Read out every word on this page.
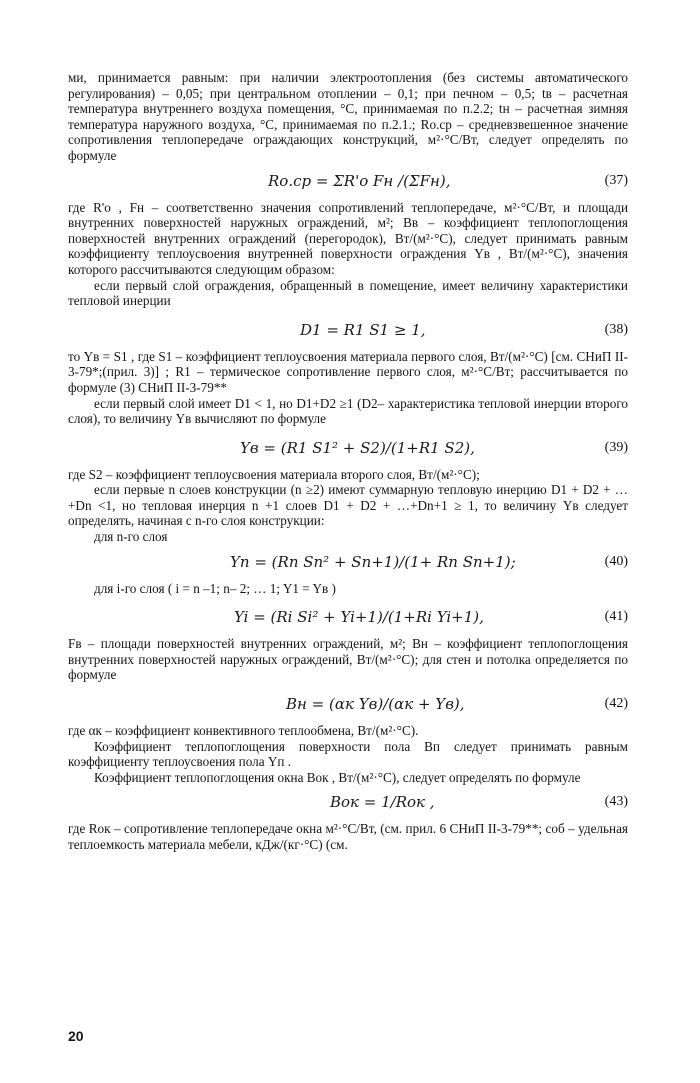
ми, принимается равным: при наличии электроотопления (без системы автоматического регулирования) – 0,05; при центральном отоплении – 0,1; при печном – 0,5; tв – расчетная температура внутреннего воздуха помещения, °С, принимаемая по п.2.2; tн – расчетная зимняя температура наружного воздуха, °С, принимаемая по п.2.1.; Rо.ср – средневзвешенное значение сопротивления теплопередаче ограждающих конструкций, м²·°С/Вт, следует определять по формуле

Rо.ср = ΣR'о Fн /(ΣFн),	(37)

где R'о , Fн – соответственно значения сопротивлений теплопередаче, м²·°С/Вт, и площади внутренних поверхностей наружных ограждений, м²; Bв – коэффициент теплопоглощения поверхностей внутренних ограждений (перегородок), Вт/(м²·°С), следует принимать равным коэффициенту теплоусвоения внутренней поверхности ограждения Yв , Вт/(м²·°С), значения которого рассчитываются следующим образом:

если первый слой ограждения, обращенный в помещение, имеет величину характеристики тепловой инерции

D1 = R1 S1 ≥ 1,	(38)

то Yв = S1 , где S1 – коэффициент теплоусвоения материала первого слоя, Вт/(м²·°С) [см. СНиП II-3-79*;(прил. 3)] ; R1 – термическое сопротивление первого слоя, м²·°С/Вт; рассчитывается по формуле (3) СНиП II-3-79**

если первый слой имеет D1 < 1, но D1+D2 ≥1 (D2– характеристика тепловой инерции второго слоя), то величину Yв вычисляют по формуле

Yв = (R1 S1² + S2)/(1+R1 S2),	(39)

где S2 – коэффициент теплоусвоения материала второго слоя, Вт/(м²·°С);

если первые n слоев конструкции (n ≥2) имеют суммарную тепловую инерцию D1 + D2 + …+Dn <1, но тепловая инерция n +1 слоев D1 + D2 + …+Dn+1 ≥ 1, то величину Yв следует определять, начиная с n-го слоя конструкции:

для n-го слоя

Yn = (Rn Sn² + Sn+1)/(1+ Rn Sn+1);	(40)

для i-го слоя ( i = n –1; n– 2; … 1; Y1 = Yв )

Yi = (Ri Si² + Yi+1)/(1+Ri Yi+1),	(41)

Fв – площади поверхностей внутренних ограждений, м²; Bн – коэффициент теплопоглощения внутренних поверхностей наружных ограждений, Вт/(м²·°С); для стен и потолка определяется по формуле

Bн = (αк Yв)/(αк + Yв),	(42)

где αк – коэффициент конвективного теплообмена, Вт/(м²·°С).

Коэффициент теплопоглощения поверхности пола Bп следует принимать равным коэффициенту теплоусвоения пола Yп .

Коэффициент теплопоглощения окна Bок , Вт/(м²·°С), следует определять по формуле

Bок = 1/Rок ,	(43)

где Rок – сопротивление теплопередаче окна м²·°С/Вт, (см. прил. 6 СНиП II-3-79**; cоб – удельная теплоемкость материала мебели, кДж/(кг·°С) (см.

20
